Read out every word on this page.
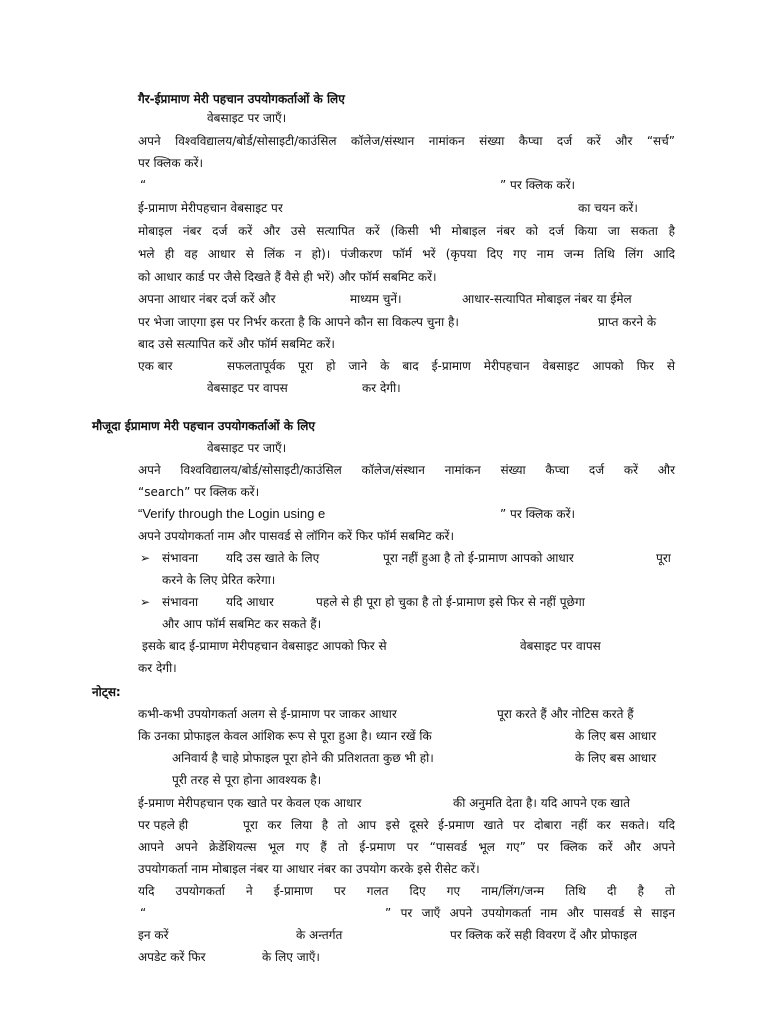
गैर-ईप्रामाण मेरी पहचान उपयोगकर्ताओं के लिए
वेबसाइट पर जाएँ।
अपने विश्वविद्यालय/बोर्ड/सोसाइटी/काउंसिल कॉलेज/संस्थान नामांकन संख्या कैप्चा दर्ज करें और “सर्च”
पर क्लिक करें।
“	” पर क्लिक करें।
ई-प्रामाण मेरीपहचान वेबसाइट पर	का चयन करें।
मोबाइल नंबर दर्ज करें और उसे सत्यापित करें (किसी भी मोबाइल नंबर को दर्ज किया जा सकता है
भले ही वह आधार से लिंक न हो)। पंजीकरण फॉर्म भरें (कृपया दिए गए नाम जन्म तिथि लिंग आदि
को आधार कार्ड पर जैसे दिखते हैं वैसे ही भरें) और फॉर्म सबमिट करें।
अपना आधार नंबर दर्ज करें और	माध्यम चुनें।	आधार-सत्यापित मोबाइल नंबर या ईमेल
पर भेजा जाएगा इस पर निर्भर करता है कि आपने कौन सा विकल्प चुना है।	प्राप्त करने के
बाद उसे सत्यापित करें और फॉर्म सबमिट करें।
एक बार	सफलतापूर्वक पूरा हो जाने के बाद ई-प्रामाण मेरीपहचान वेबसाइट आपको फिर से
वेबसाइट पर वापस	कर देगी।
मौजूदा ईप्रामाण मेरी पहचान उपयोगकर्ताओं के लिए
वेबसाइट पर जाएँ।
अपने विश्वविद्यालय/बोर्ड/सोसाइटी/काउंसिल कॉलेज/संस्थान नामांकन संख्या कैप्चा दर्ज करें और
“search” पर क्लिक करें।
“Verify through the Login using e	” पर क्लिक करें।
अपने उपयोगकर्ता नाम और पासवर्ड से लॉगिन करें फिर फॉर्म सबमिट करें।
➢ संभावना यदि उस खाते के लिए	पूरा नहीं हुआ है तो ई-प्रामाण आपको आधार	पूरा
करने के लिए प्रेरित करेगा।
➢ संभावना यदि आधार	पहले से ही पूरा हो चुका है तो ई-प्रामाण इसे फिर से नहीं पूछेगा
और आप फॉर्म सबमिट कर सकते हैं।
इसके बाद ई-प्रामाण मेरीपहचान वेबसाइट आपको फिर से	वेबसाइट पर वापस
कर देगी।
नोट्स:
कभी-कभी उपयोगकर्ता अलग से ई-प्रामाण पर जाकर आधार	पूरा करते हैं और नोटिस करते हैं
कि उनका प्रोफाइल केवल आंशिक रूप से पूरा हुआ है। ध्यान रखें कि	के लिए बस आधार
अनिवार्य है चाहे प्रोफाइल पूरा होने की प्रतिशतता कुछ भी हो।	के लिए बस आधार
पूरी तरह से पूरा होना आवश्यक है।
ई-प्रमाण मेरीपहचान एक खाते पर केवल एक आधार	की अनुमति देता है। यदि आपने एक खाते
पर पहले ही	पूरा कर लिया है तो आप इसे दूसरे ई-प्रमाण खाते पर दोबारा नहीं कर सकते। यदि
आपने अपने क्रेडेंशियल्स भूल गए हैं तो ई-प्रमाण पर “पासवर्ड भूल गए” पर क्लिक करें और अपने
उपयोगकर्ता नाम मोबाइल नंबर या आधार नंबर का उपयोग करके इसे रीसेट करें।
यदि उपयोगकर्ता ने ई-प्रामाण पर गलत दिए गए नाम/लिंग/जन्म तिथि दी है तो
“	” पर जाएँ अपने उपयोगकर्ता नाम और पासवर्ड से साइन
इन करें	के अन्तर्गत	पर क्लिक करें सही विवरण दें और प्रोफाइल
अपडेट करें फिर	के लिए जाएँ।
